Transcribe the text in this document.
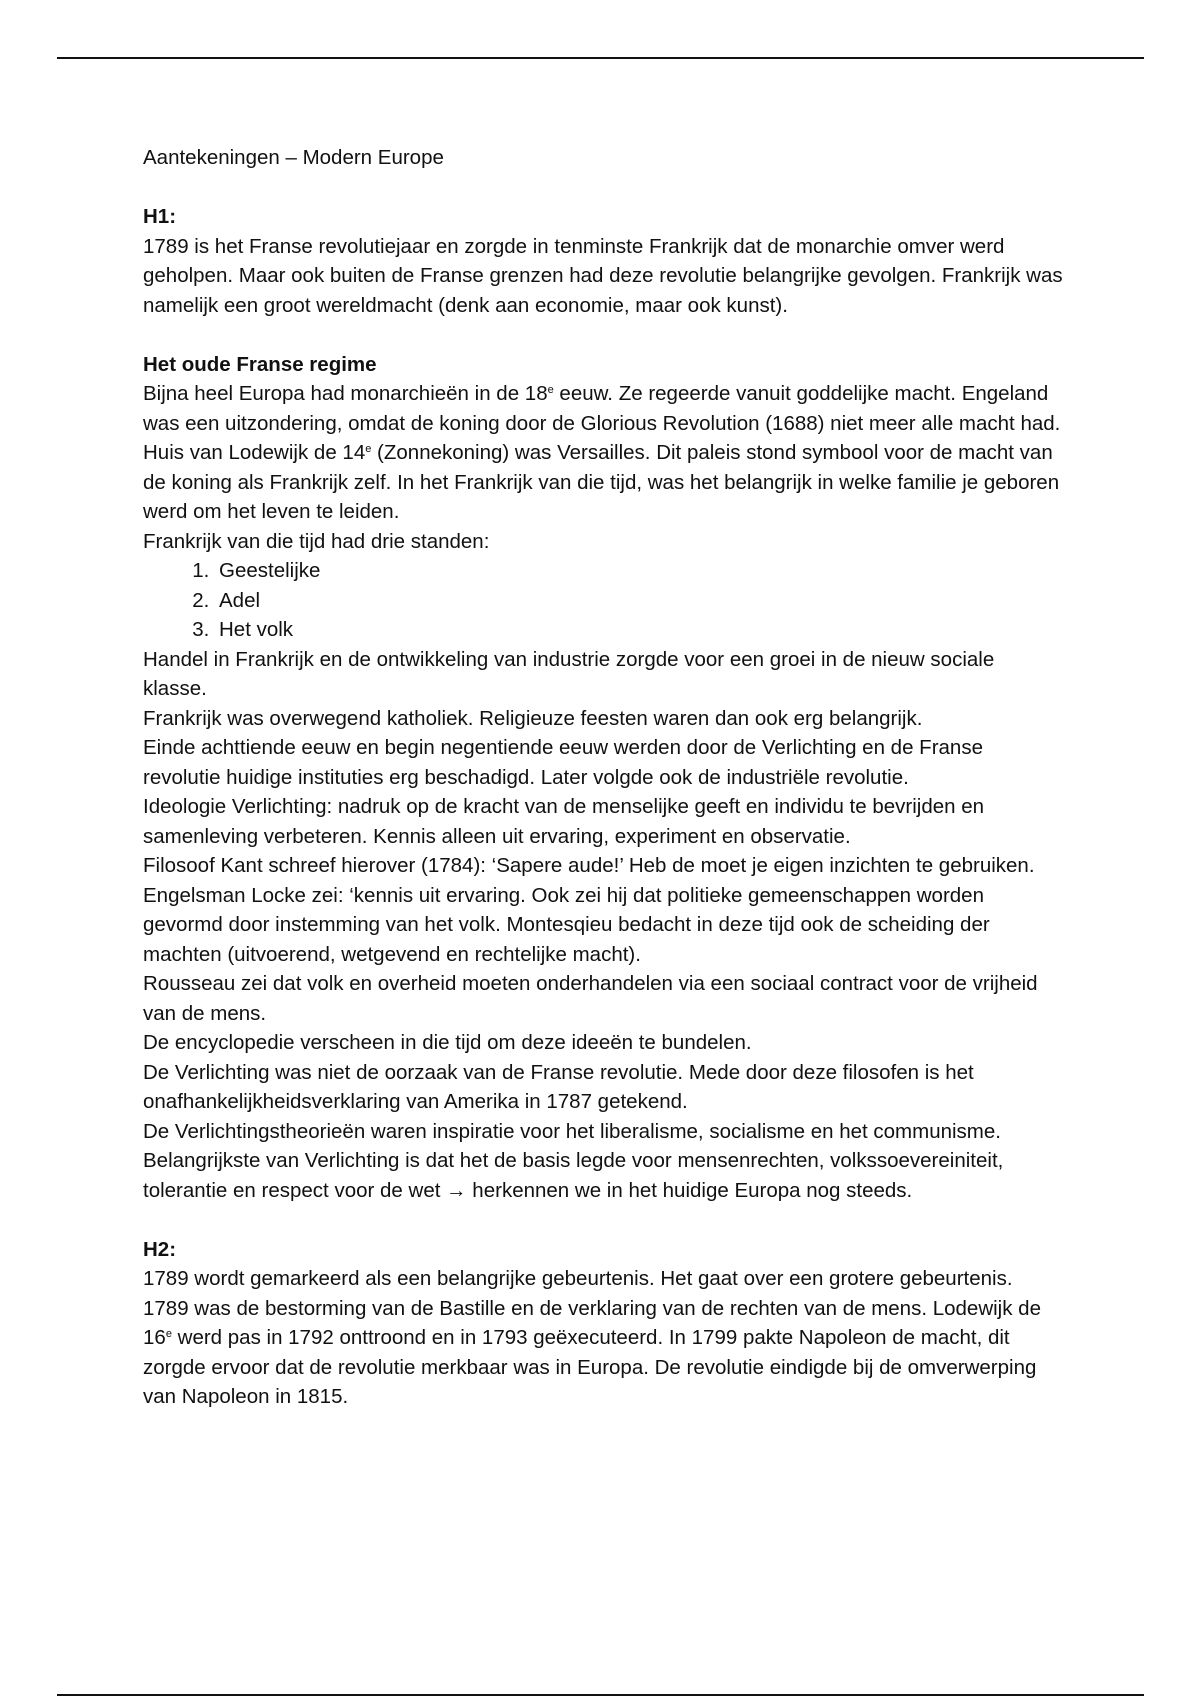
Aantekeningen – Modern Europe

H1:

1789 is het Franse revolutiejaar en zorgde in tenminste Frankrijk dat de monarchie omver werd geholpen. Maar ook buiten de Franse grenzen had deze revolutie belangrijke gevolgen. Frankrijk was namelijk een groot wereldmacht (denk aan economie, maar ook kunst).

Het oude Franse regime

Bijna heel Europa had monarchieën in de 18e eeuw. Ze regeerde vanuit goddelijke macht. Engeland was een uitzondering, omdat de koning door de Glorious Revolution (1688) niet meer alle macht had. Huis van Lodewijk de 14e (Zonnekoning) was Versailles. Dit paleis stond symbool voor de macht van de koning als Frankrijk zelf. In het Frankrijk van die tijd, was het belangrijk in welke familie je geboren werd om het leven te leiden.

Frankrijk van die tijd had drie standen:

1. Geestelijke
2. Adel
3. Het volk

Handel in Frankrijk en de ontwikkeling van industrie zorgde voor een groei in de nieuw sociale klasse.

Frankrijk was overwegend katholiek. Religieuze feesten waren dan ook erg belangrijk.

Einde achttiende eeuw en begin negentiende eeuw werden door de Verlichting en de Franse revolutie huidige instituties erg beschadigd. Later volgde ook de industriële revolutie.

Ideologie Verlichting: nadruk op de kracht van de menselijke geeft en individu te bevrijden en samenleving verbeteren. Kennis alleen uit ervaring, experiment en observatie.

Filosoof Kant schreef hierover (1784): ‘Sapere aude!’ Heb de moet je eigen inzichten te gebruiken. Engelsman Locke zei: ‘kennis uit ervaring. Ook zei hij dat politieke gemeenschappen worden gevormd door instemming van het volk. Montesqieu bedacht in deze tijd ook de scheiding der machten (uitvoerend, wetgevend en rechtelijke macht).

Rousseau zei dat volk en overheid moeten onderhandelen via een sociaal contract voor de vrijheid van de mens.

De encyclopedie verscheen in die tijd om deze ideeën te bundelen.

De Verlichting was niet de oorzaak van de Franse revolutie. Mede door deze filosofen is het onafhankelijkheidsverklaring van Amerika in 1787 getekend.

De Verlichtingstheorieën waren inspiratie voor het liberalisme, socialisme en het communisme.

Belangrijkste van Verlichting is dat het de basis legde voor mensenrechten, volkssoevereiniteit, tolerantie en respect voor de wet → herkennen we in het huidige Europa nog steeds.

H2:

1789 wordt gemarkeerd als een belangrijke gebeurtenis. Het gaat over een grotere gebeurtenis. 1789 was de bestorming van de Bastille en de verklaring van de rechten van de mens. Lodewijk de 16e werd pas in 1792 onttroond en in 1793 geëxecuteerd. In 1799 pakte Napoleon de macht, dit zorgde ervoor dat de revolutie merkbaar was in Europa. De revolutie eindigde bij de omverwerping van Napoleon in 1815.
